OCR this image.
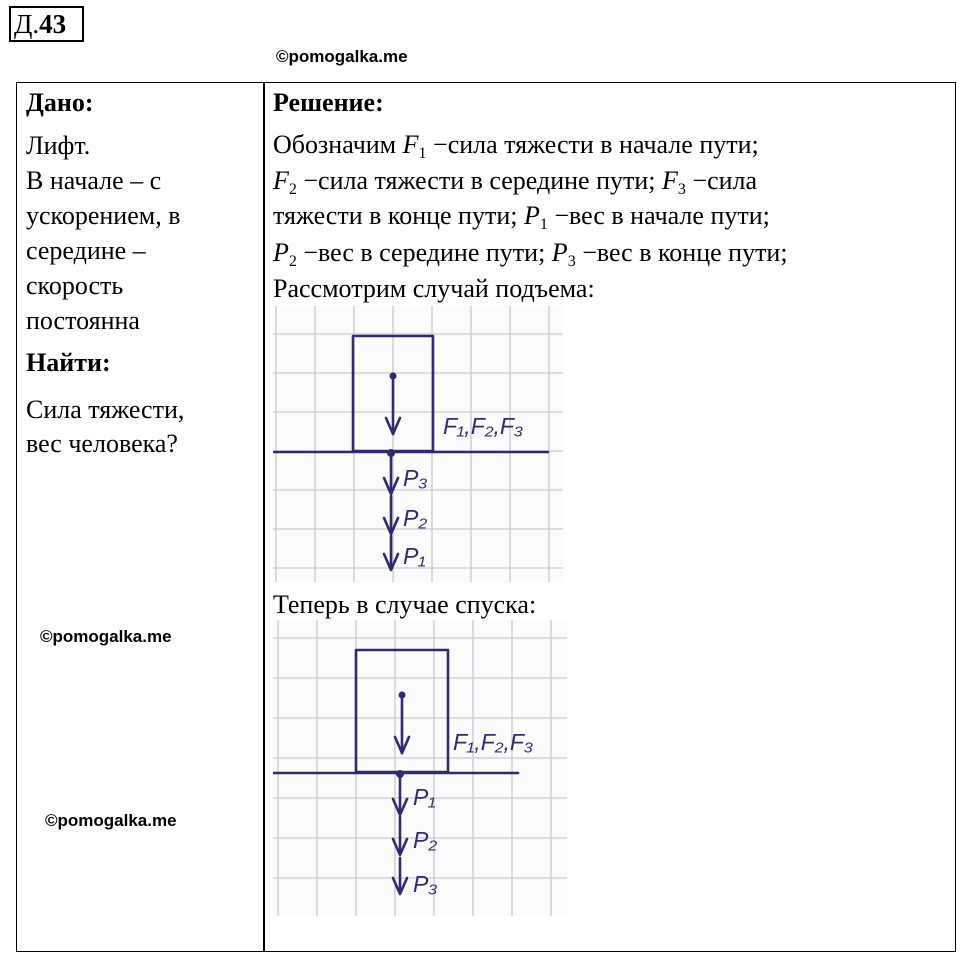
Д.43
©pomogalka.me
Дано:
Лифт.
В начале – с
ускорением, в
середине –
скорость
постоянна
Найти:
Сила тяжести,
вес человека?
©pomogalka.me
©pomogalka.me
Решение:
Обозначим $F_1$ −сила тяжести в начале пути;
$F_2$ −сила тяжести в середине пути; $F_3$ −сила
тяжести в конце пути; $P_1 -вес$ в начале пути;
$P_2 -вес$ в середине пути; $P_3 -вес$ в конце пути;
Рассмотрим случай подъема:
F₁,F₂,F₃
P₃
P₂
P₁
Теперь в случае спуска:
F₁,F₂,F₃
P₁
P₂
P₃
